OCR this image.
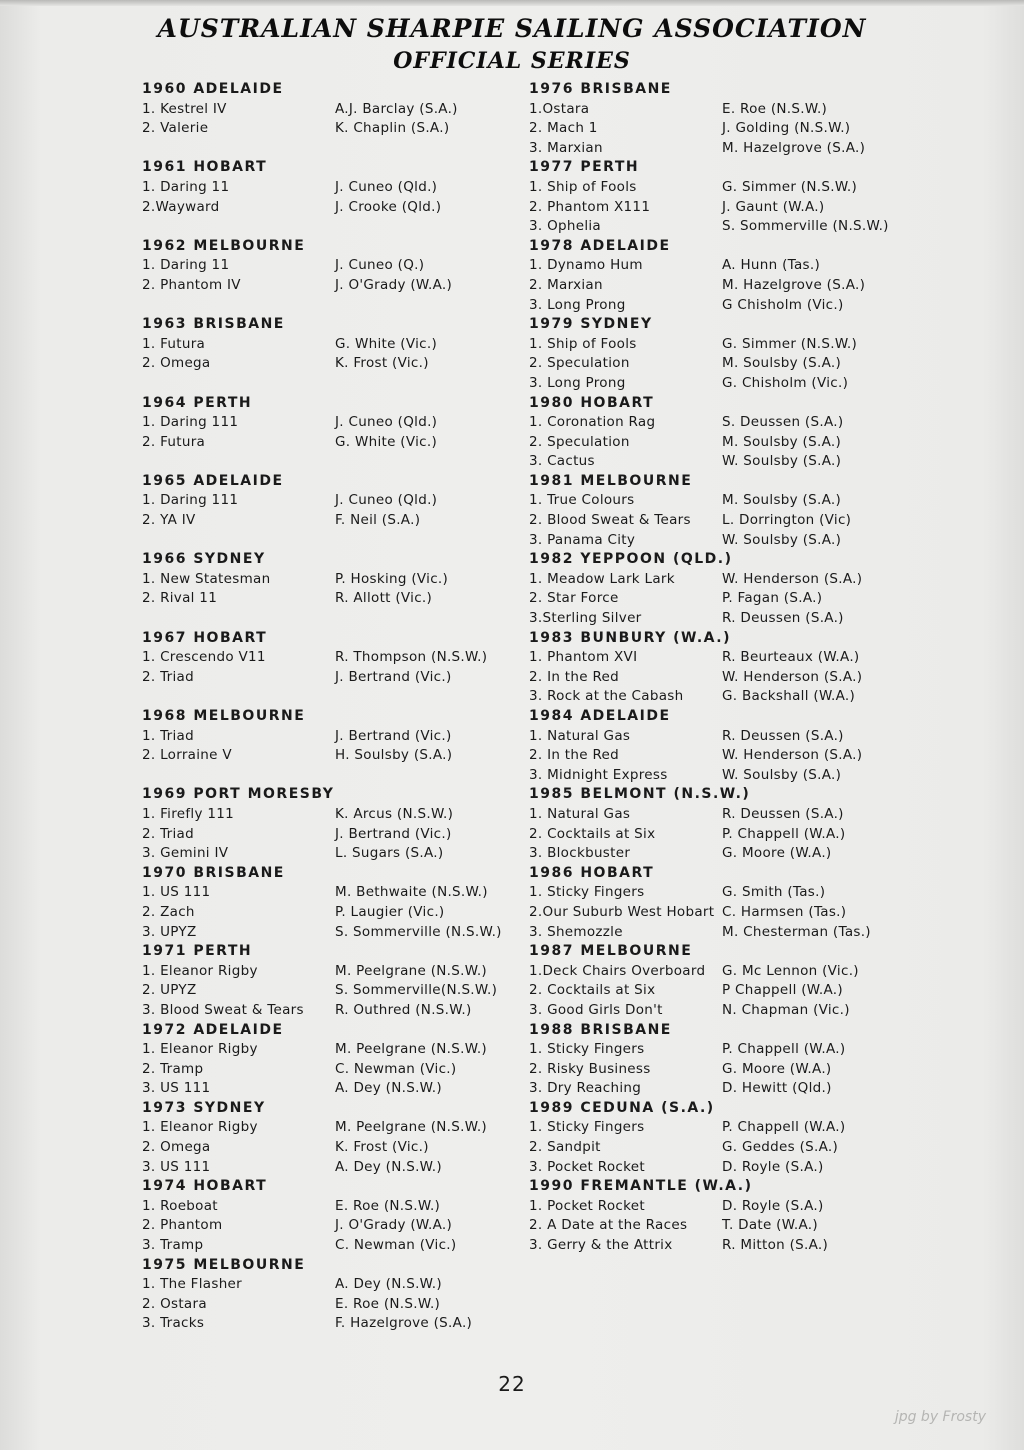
AUSTRALIAN SHARPIE SAILING ASSOCIATION
OFFICIAL SERIES
1960 ADELAIDE
1. Kestrel IV	A.J. Barclay (S.A.)
2. Valerie	K. Chaplin (S.A.)
1961 HOBART
1. Daring 11	J. Cuneo (Qld.)
2.Wayward	J. Crooke (Qld.)
1962 MELBOURNE
1. Daring 11	J. Cuneo (Q.)
2. Phantom IV	J. O'Grady (W.A.)
1963 BRISBANE
1. Futura	G. White (Vic.)
2. Omega	K. Frost (Vic.)
1964 PERTH
1. Daring 111	J. Cuneo (Qld.)
2. Futura	G. White (Vic.)
1965 ADELAIDE
1. Daring 111	J. Cuneo (Qld.)
2. YA IV	F. Neil (S.A.)
1966 SYDNEY
1. New Statesman	P. Hosking (Vic.)
2. Rival 11	R. Allott (Vic.)
1967 HOBART
1. Crescendo V11	R. Thompson (N.S.W.)
2. Triad	J. Bertrand (Vic.)
1968 MELBOURNE
1. Triad	J. Bertrand (Vic.)
2. Lorraine V	H. Soulsby (S.A.)
1969 PORT MORESBY
1. Firefly 111	K. Arcus (N.S.W.)
2. Triad	J. Bertrand (Vic.)
3. Gemini IV	L. Sugars (S.A.)
1970 BRISBANE
1. US 111	M. Bethwaite (N.S.W.)
2. Zach	P. Laugier (Vic.)
3. UPYZ	S. Sommerville (N.S.W.)
1971 PERTH
1. Eleanor Rigby	M. Peelgrane (N.S.W.)
2. UPYZ	S. Sommerville(N.S.W.)
3. Blood Sweat & Tears R. Outhred (N.S.W.)
1972 ADELAIDE
1. Eleanor Rigby	M. Peelgrane (N.S.W.)
2. Tramp	C. Newman (Vic.)
3. US 111	A. Dey (N.S.W.)
1973 SYDNEY
1. Eleanor Rigby	M. Peelgrane (N.S.W.)
2. Omega	K. Frost (Vic.)
3. US 111	A. Dey (N.S.W.)
1974 HOBART
1. Roeboat	E. Roe (N.S.W.)
2. Phantom	J. O'Grady (W.A.)
3. Tramp	C. Newman (Vic.)
1975 MELBOURNE
1. The Flasher	A. Dey (N.S.W.)
2. Ostara	E. Roe (N.S.W.)
3. Tracks	F. Hazelgrove (S.A.)
1976 BRISBANE
1.Ostara	E. Roe (N.S.W.)
2. Mach 1	J. Golding (N.S.W.)
3. Marxian	M. Hazelgrove (S.A.)
1977 PERTH
1. Ship of Fools	G. Simmer (N.S.W.)
2. Phantom X111	J. Gaunt (W.A.)
3. Ophelia	S. Sommerville (N.S.W.)
1978 ADELAIDE
1. Dynamo Hum	A. Hunn (Tas.)
2. Marxian	M. Hazelgrove (S.A.)
3. Long Prong	G Chisholm (Vic.)
1979 SYDNEY
1. Ship of Fools	G. Simmer (N.S.W.)
2. Speculation	M. Soulsby (S.A.)
3. Long Prong	G. Chisholm (Vic.)
1980 HOBART
1. Coronation Rag	S. Deussen (S.A.)
2. Speculation	M. Soulsby (S.A.)
3. Cactus	W. Soulsby (S.A.)
1981 MELBOURNE
1. True Colours	M. Soulsby (S.A.)
2. Blood Sweat & Tears L. Dorrington (Vic)
3. Panama City	W. Soulsby (S.A.)
1982 YEPPOON (QLD.)
1. Meadow Lark Lark	W. Henderson (S.A.)
2. Star Force	P. Fagan (S.A.)
3.Sterling Silver	R. Deussen (S.A.)
1983 BUNBURY (W.A.)
1. Phantom XVI	R. Beurteaux (W.A.)
2. In the Red	W. Henderson (S.A.)
3. Rock at the Cabash	G. Backshall (W.A.)
1984 ADELAIDE
1. Natural Gas	R. Deussen (S.A.)
2. In the Red	W. Henderson (S.A.)
3. Midnight Express	W. Soulsby (S.A.)
1985 BELMONT (N.S.W.)
1. Natural Gas	R. Deussen (S.A.)
2. Cocktails at Six	P. Chappell (W.A.)
3. Blockbuster	G. Moore (W.A.)
1986 HOBART
1. Sticky Fingers	G. Smith (Tas.)
2.Our Suburb West Hobart C. Harmsen (Tas.)
3. Shemozzle	M. Chesterman (Tas.)
1987 MELBOURNE
1.Deck Chairs Overboard G. Mc Lennon (Vic.)
2. Cocktails at Six	P Chappell (W.A.)
3. Good Girls Don't	N. Chapman (Vic.)
1988 BRISBANE
1. Sticky Fingers	P. Chappell (W.A.)
2. Risky Business	G. Moore (W.A.)
3. Dry Reaching	D. Hewitt (Qld.)
1989 CEDUNA (S.A.)
1. Sticky Fingers	P. Chappell (W.A.)
2. Sandpit	G. Geddes (S.A.)
3. Pocket Rocket	D. Royle (S.A.)
1990 FREMANTLE (W.A.)
1. Pocket Rocket	D. Royle (S.A.)
2. A Date at the Races	T. Date (W.A.)
3. Gerry & the Attrix	R. Mitton (S.A.)
22
jpg by Frosty
